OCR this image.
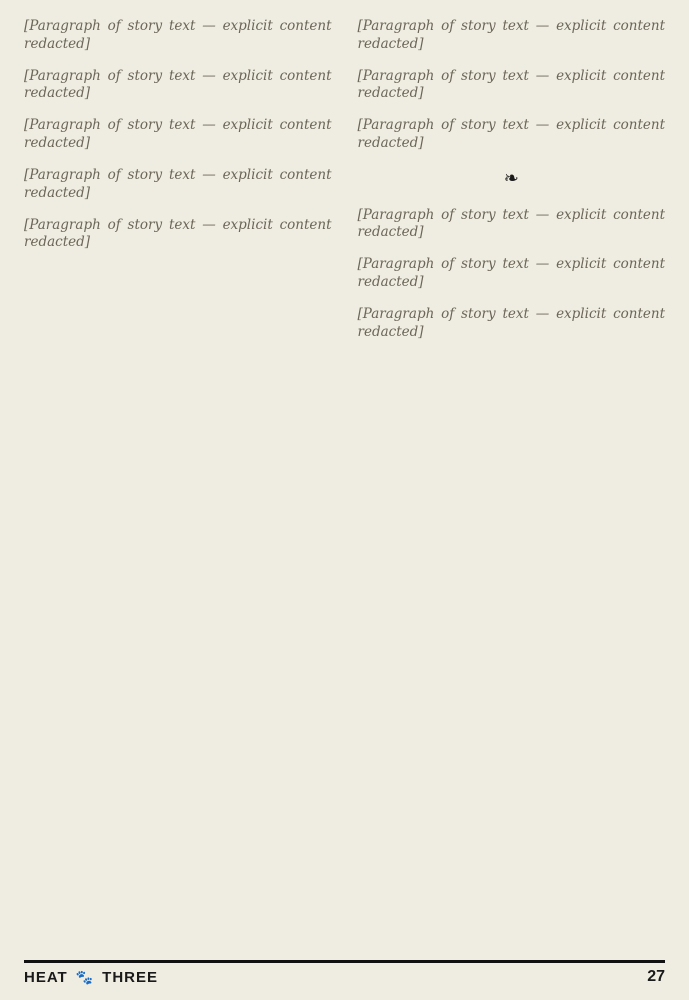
[Paragraph of story text — explicit content redacted]

[Paragraph of story text — explicit content redacted]

[Paragraph of story text — explicit content redacted]

[Paragraph of story text — explicit content redacted]

[Paragraph of story text — explicit content redacted]

[Paragraph of story text — explicit content redacted]

[Paragraph of story text — explicit content redacted]

[Paragraph of story text — explicit content redacted]

❧

[Paragraph of story text — explicit content redacted]

[Paragraph of story text — explicit content redacted]

[Paragraph of story text — explicit content redacted]

HEAT 🐾 THREE	27
